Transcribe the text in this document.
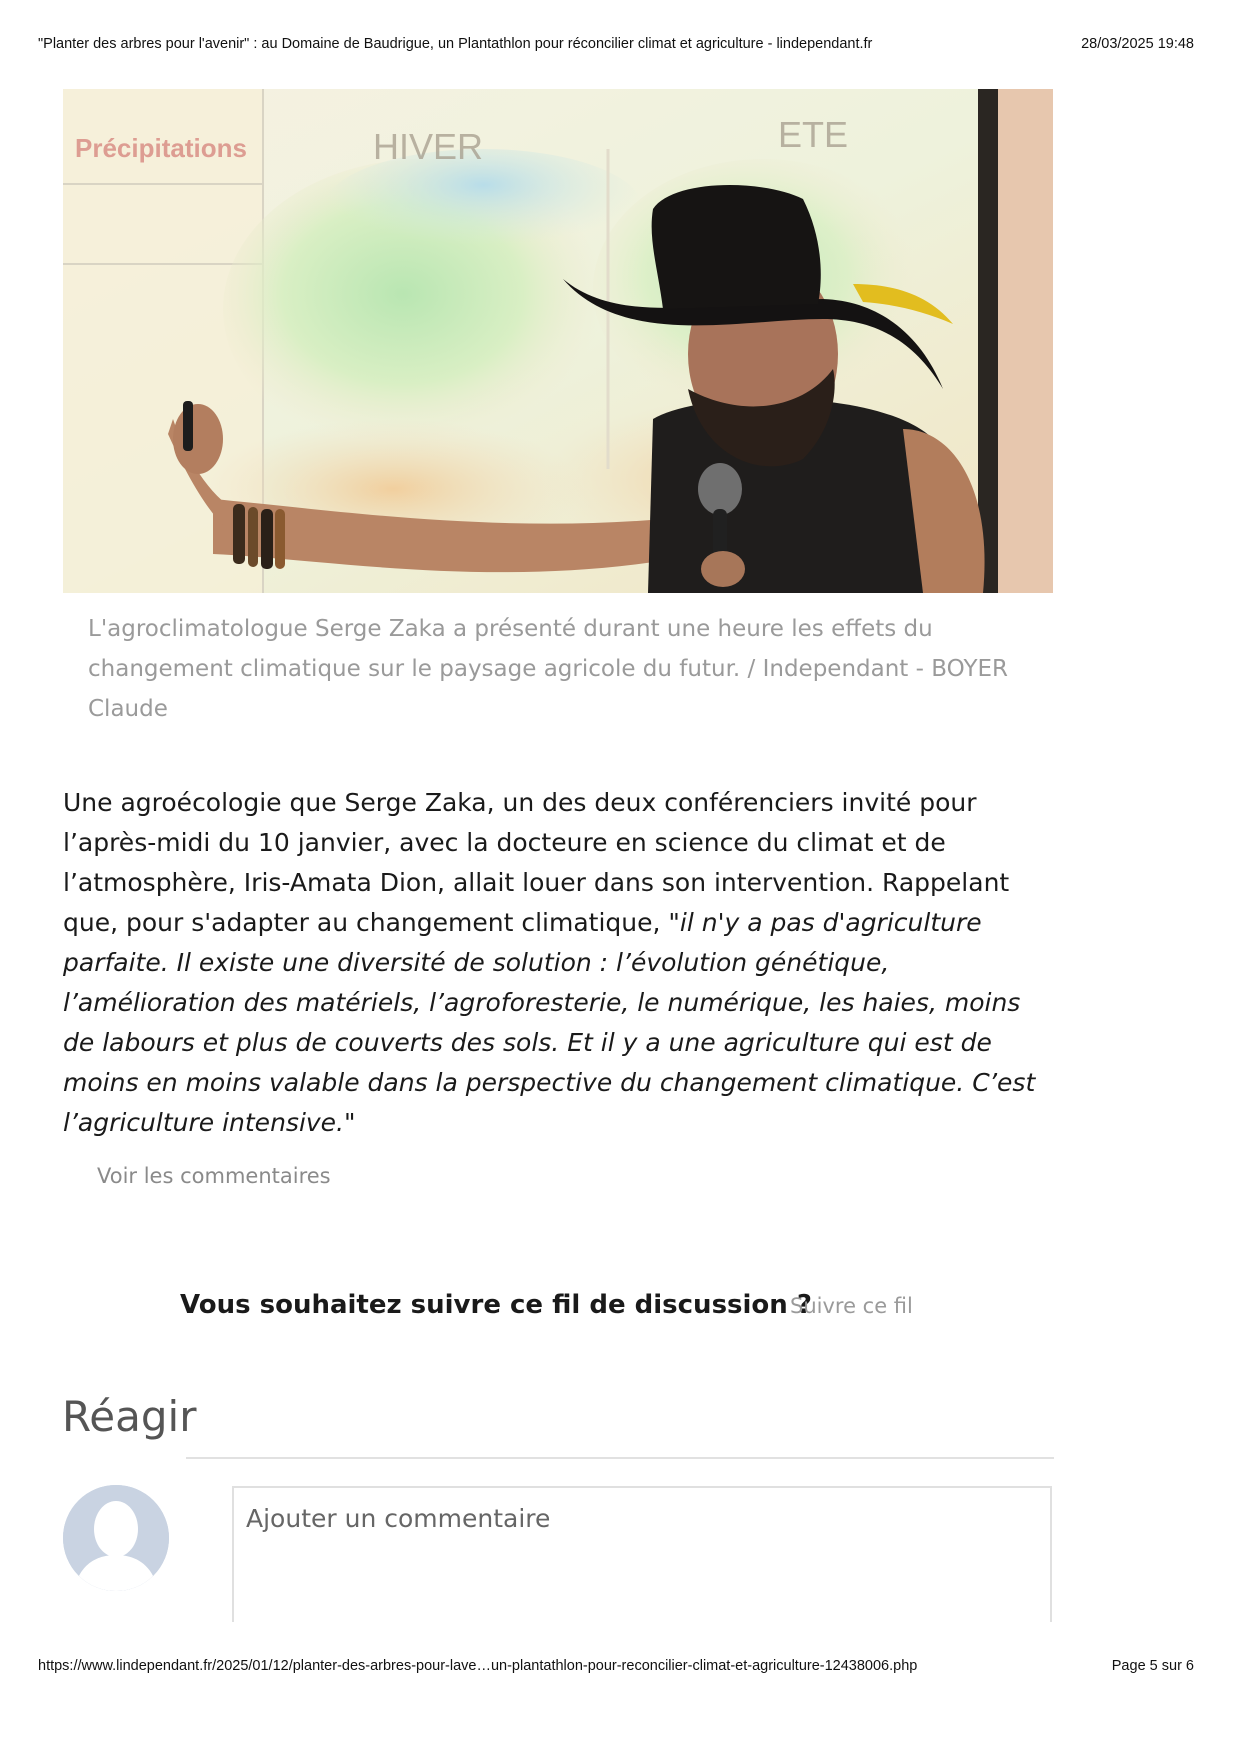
"Planter des arbres pour l'avenir" : au Domaine de Baudrigue, un Plantathlon pour réconcilier climat et agriculture - lindependant.fr	28/03/2025 19:48
Précipitations	HIVER	ETE
L'agroclimatologue Serge Zaka a présenté durant une heure les effets du changement climatique sur le paysage agricole du futur. / Independant - BOYER Claude
Une agroécologie que Serge Zaka, un des deux conférenciers invité pour l’après-midi du 10 janvier, avec la docteure en science du climat et de l’atmosphère, Iris-Amata Dion, allait louer dans son intervention. Rappelant que, pour s'adapter au changement climatique, "il n'y a pas d'agriculture parfaite. Il existe une diversité de solution : l’évolution génétique, l’amélioration des matériels, l’agroforesterie, le numérique, les haies, moins de labours et plus de couverts des sols. Et il y a une agriculture qui est de moins en moins valable dans la perspective du changement climatique. C’est l’agriculture intensive."
Voir les commentaires
Vous souhaitez suivre ce fil de discussion ?
Suivre ce fil
Réagir
Ajouter un commentaire
https://www.lindependant.fr/2025/01/12/planter-des-arbres-pour-lave…un-plantathlon-pour-reconcilier-climat-et-agriculture-12438006.php	Page 5 sur 6
